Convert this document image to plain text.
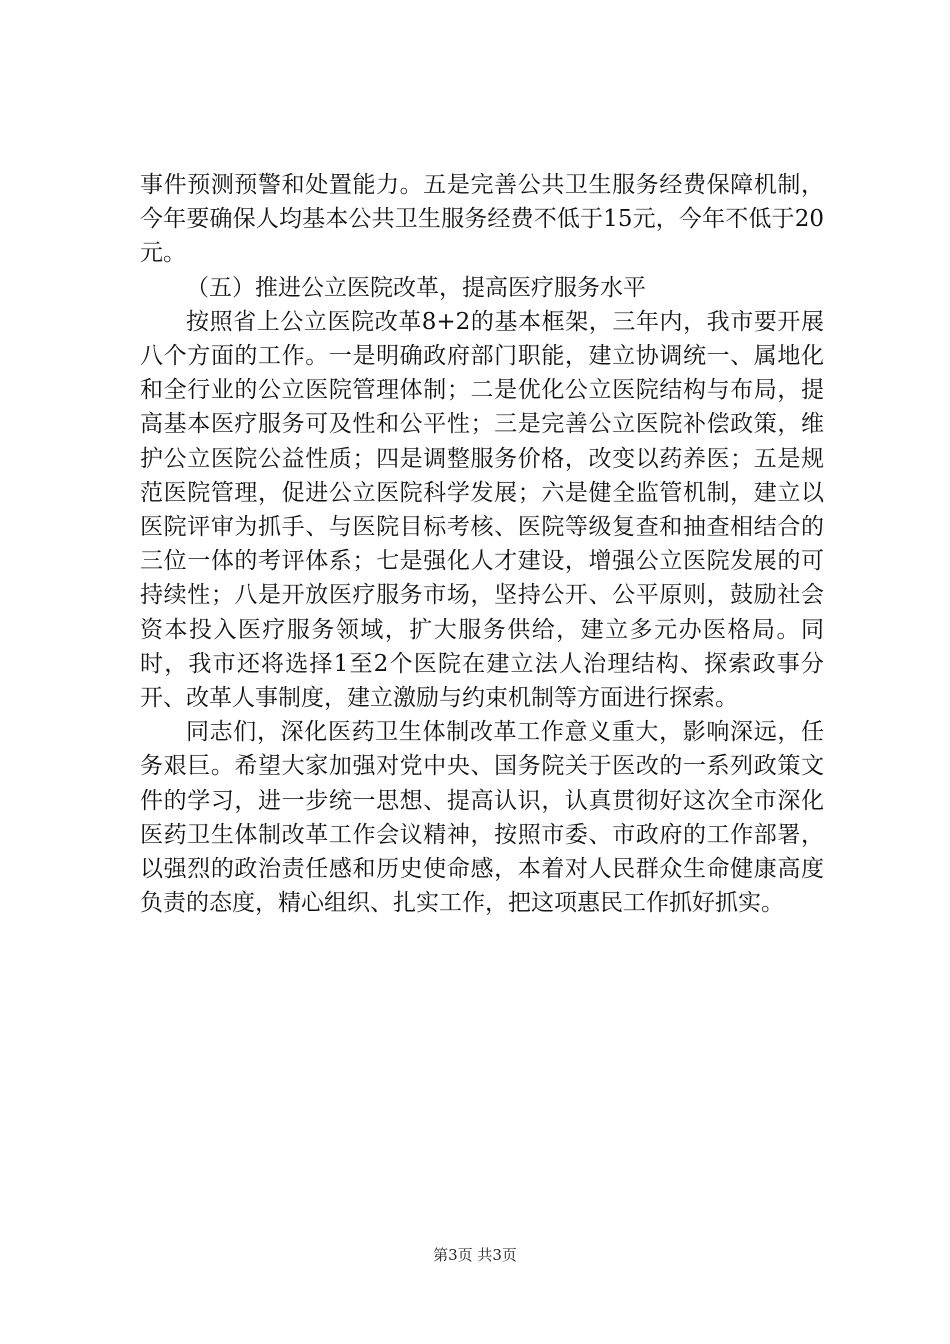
事件预测预警和处置能力。五是完善公共卫生服务经费保障机制，今年要确保人均基本公共卫生服务经费不低于15元，今年不低于20元。

（五）推进公立医院改革，提高医疗服务水平

按照省上公立医院改革8+2的基本框架，三年内，我市要开展八个方面的工作。一是明确政府部门职能，建立协调统一、属地化和全行业的公立医院管理体制；二是优化公立医院结构与布局，提高基本医疗服务可及性和公平性；三是完善公立医院补偿政策，维护公立医院公益性质；四是调整服务价格，改变以药养医；五是规范医院管理，促进公立医院科学发展；六是健全监管机制，建立以医院评审为抓手、与医院目标考核、医院等级复查和抽查相结合的三位一体的考评体系；七是强化人才建设，增强公立医院发展的可持续性；八是开放医疗服务市场，坚持公开、公平原则，鼓励社会资本投入医疗服务领域，扩大服务供给，建立多元办医格局。同时，我市还将选择1至2个医院在建立法人治理结构、探索政事分开、改革人事制度，建立激励与约束机制等方面进行探索。

同志们，深化医药卫生体制改革工作意义重大，影响深远，任务艰巨。希望大家加强对党中央、国务院关于医改的一系列政策文件的学习，进一步统一思想、提高认识，认真贯彻好这次全市深化医药卫生体制改革工作会议精神，按照市委、市政府的工作部署，以强烈的政治责任感和历史使命感，本着对人民群众生命健康高度负责的态度，精心组织、扎实工作，把这项惠民工作抓好抓实。

第3页 共3页
